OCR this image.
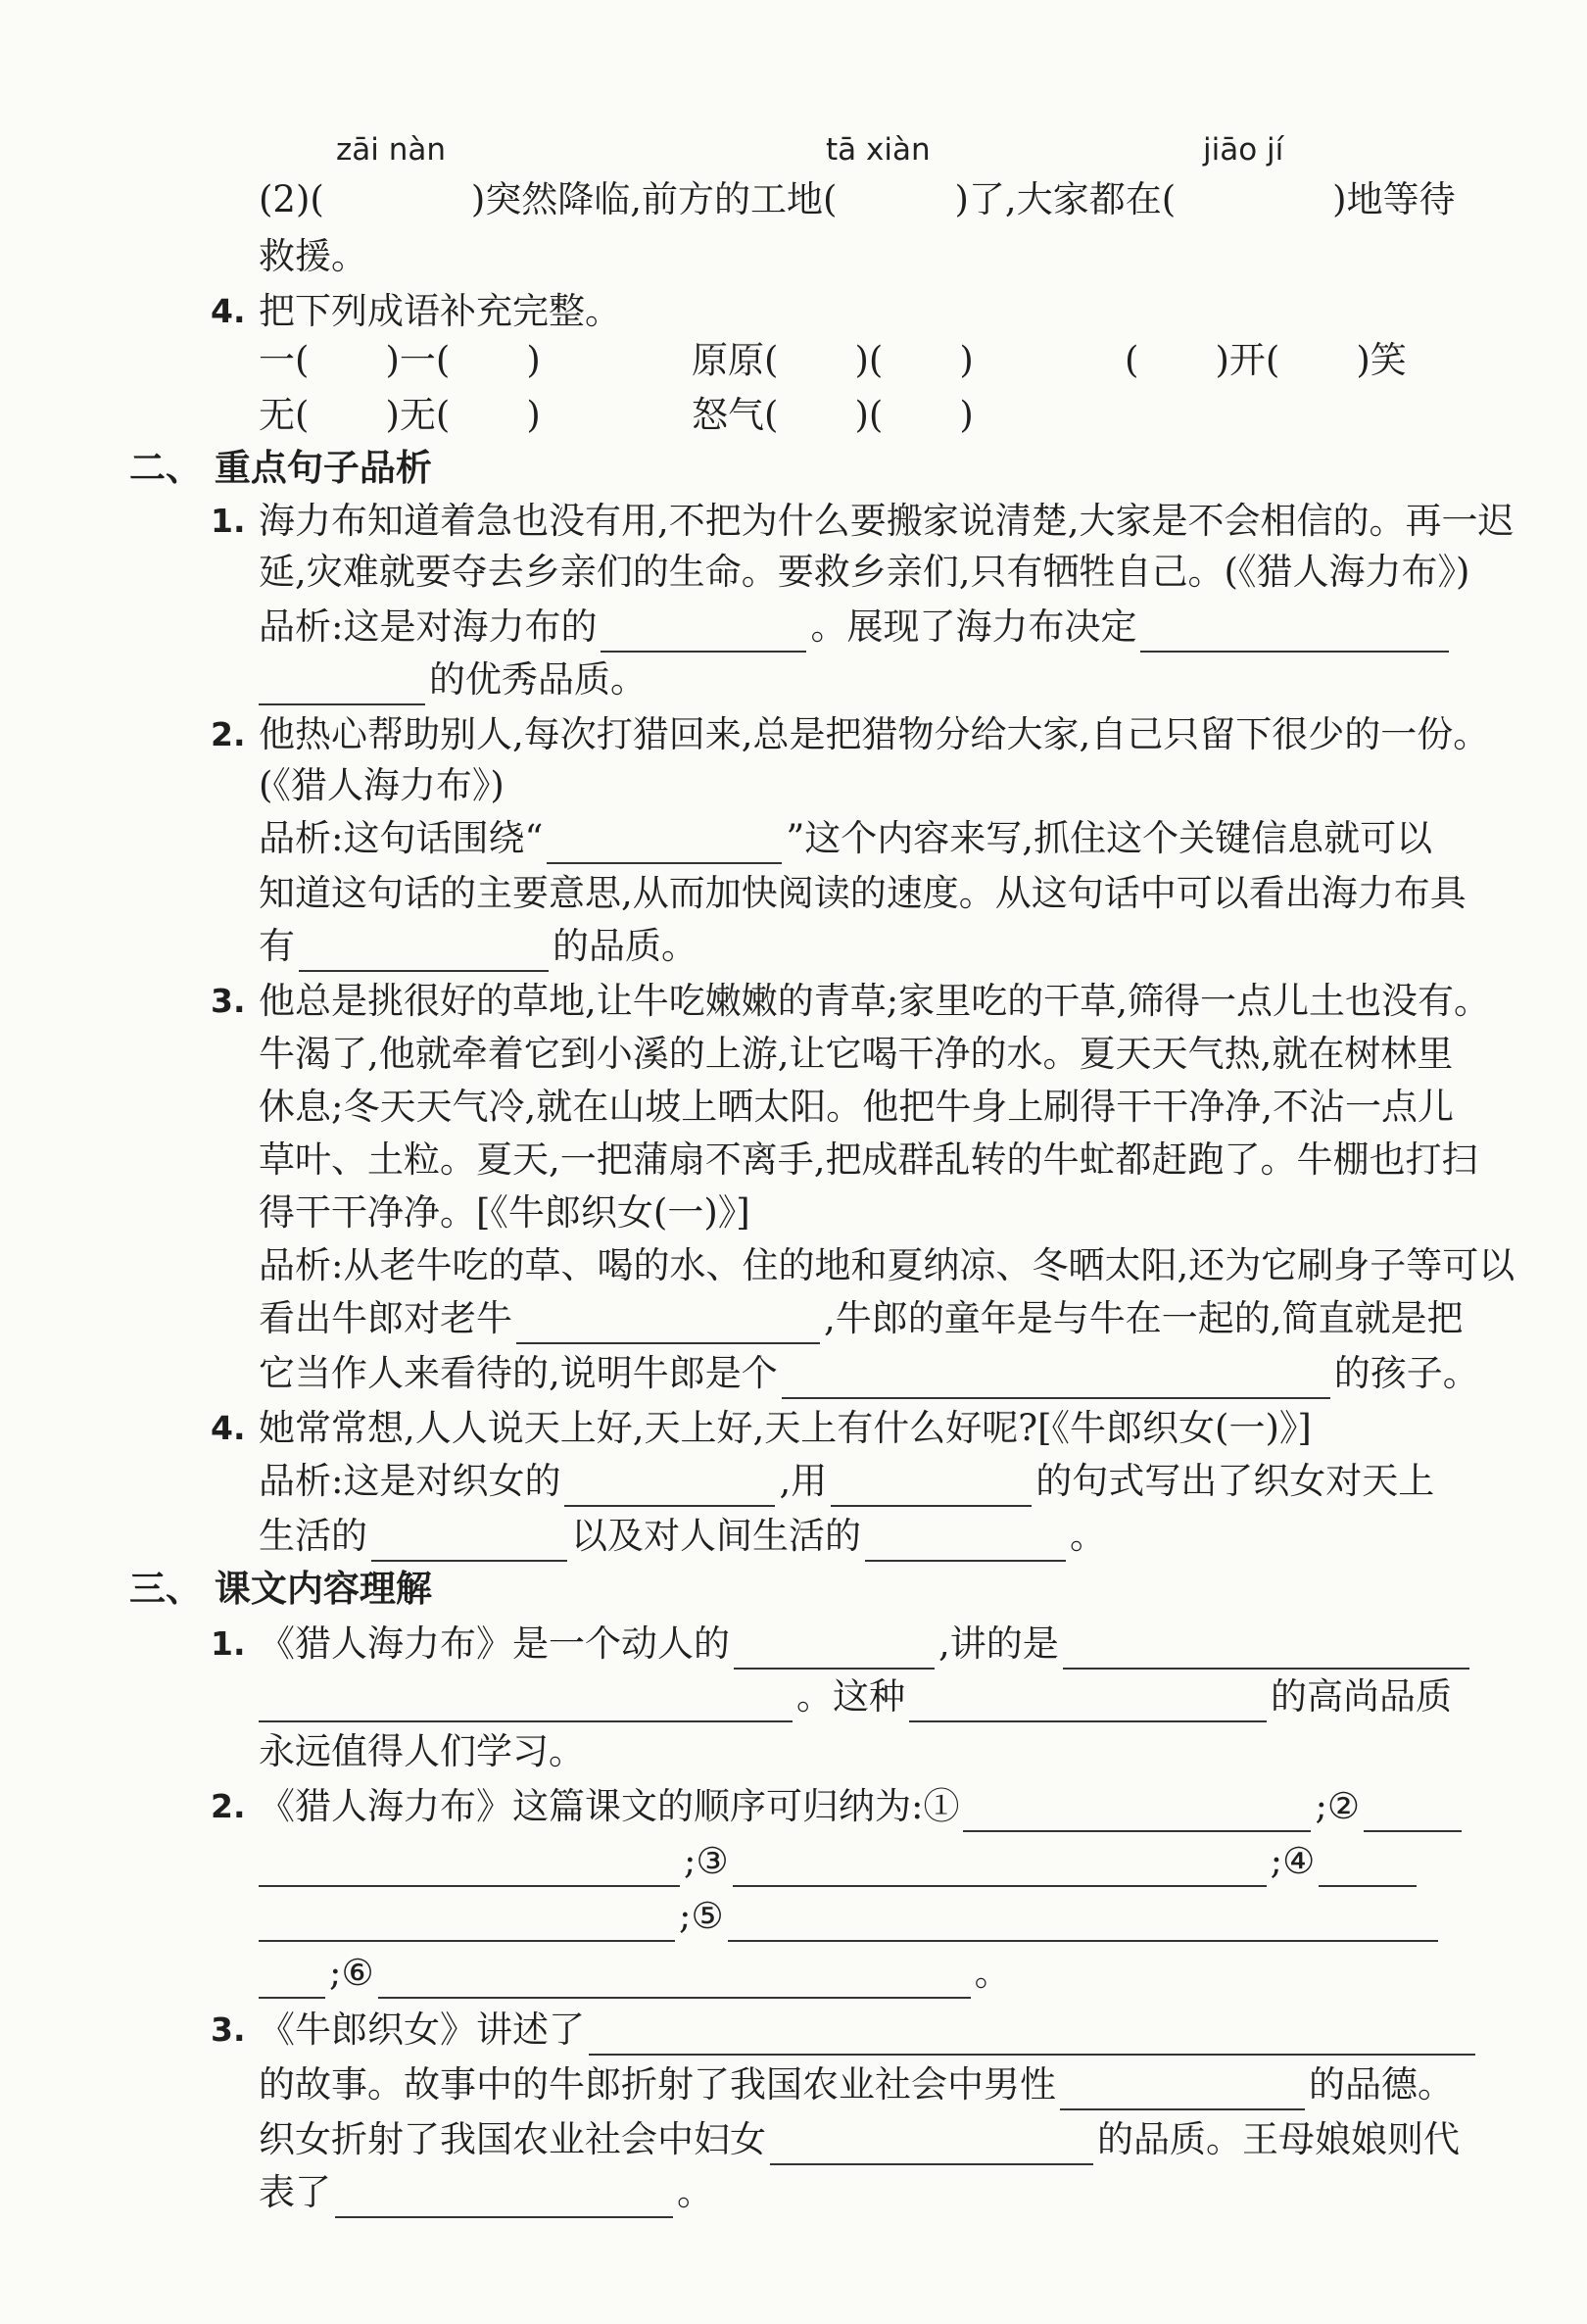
zāi nàn	tā xiàn	jiāo jí
(2)(	)突然降临,前方的工地(	)了,大家都在(	)地等待
救援。
4. 把下列成语补充完整。
一( )一( )	原原( )( )	( )开( )笑
无( )无( )	怒气( )( )
二、 重点句子品析
1. 海力布知道着急也没有用,不把为什么要搬家说清楚,大家是不会相信的。再一迟
延,灾难就要夺去乡亲们的生命。要救乡亲们,只有牺牲自己。(《猎人海力布》)
品析:这是对海力布的	。展现了海力布决定
的优秀品质。
2. 他热心帮助别人,每次打猎回来,总是把猎物分给大家,自己只留下很少的一份。
(《猎人海力布》)
品析:这句话围绕“	”这个内容来写,抓住这个关键信息就可以
知道这句话的主要意思,从而加快阅读的速度。从这句话中可以看出海力布具
有	的品质。
3. 他总是挑很好的草地,让牛吃嫩嫩的青草;家里吃的干草,筛得一点儿土也没有。
牛渴了,他就牵着它到小溪的上游,让它喝干净的水。夏天天气热,就在树林里
休息;冬天天气冷,就在山坡上晒太阳。他把牛身上刷得干干净净,不沾一点儿
草叶、土粒。夏天,一把蒲扇不离手,把成群乱转的牛虻都赶跑了。牛棚也打扫
得干干净净。[《牛郎织女(一)》]
品析:从老牛吃的草、喝的水、住的地和夏纳凉、冬晒太阳,还为它刷身子等可以
看出牛郎对老牛	,牛郎的童年是与牛在一起的,简直就是把
它当作人来看待的,说明牛郎是个	的孩子。
4. 她常常想,人人说天上好,天上好,天上有什么好呢?[《牛郎织女(一)》]
品析:这是对织女的	,用	的句式写出了织女对天上
生活的	以及对人间生活的	。
三、 课文内容理解
1. 《猎人海力布》是一个动人的	,讲的是
。这种	的高尚品质
永远值得人们学习。
2. 《猎人海力布》这篇课文的顺序可归纳为:①	;②
;③	;④
;⑤
;⑥	。
3. 《牛郎织女》讲述了
的故事。故事中的牛郎折射了我国农业社会中男性	的品德。
织女折射了我国农业社会中妇女	的品质。王母娘娘则代
表了	。
